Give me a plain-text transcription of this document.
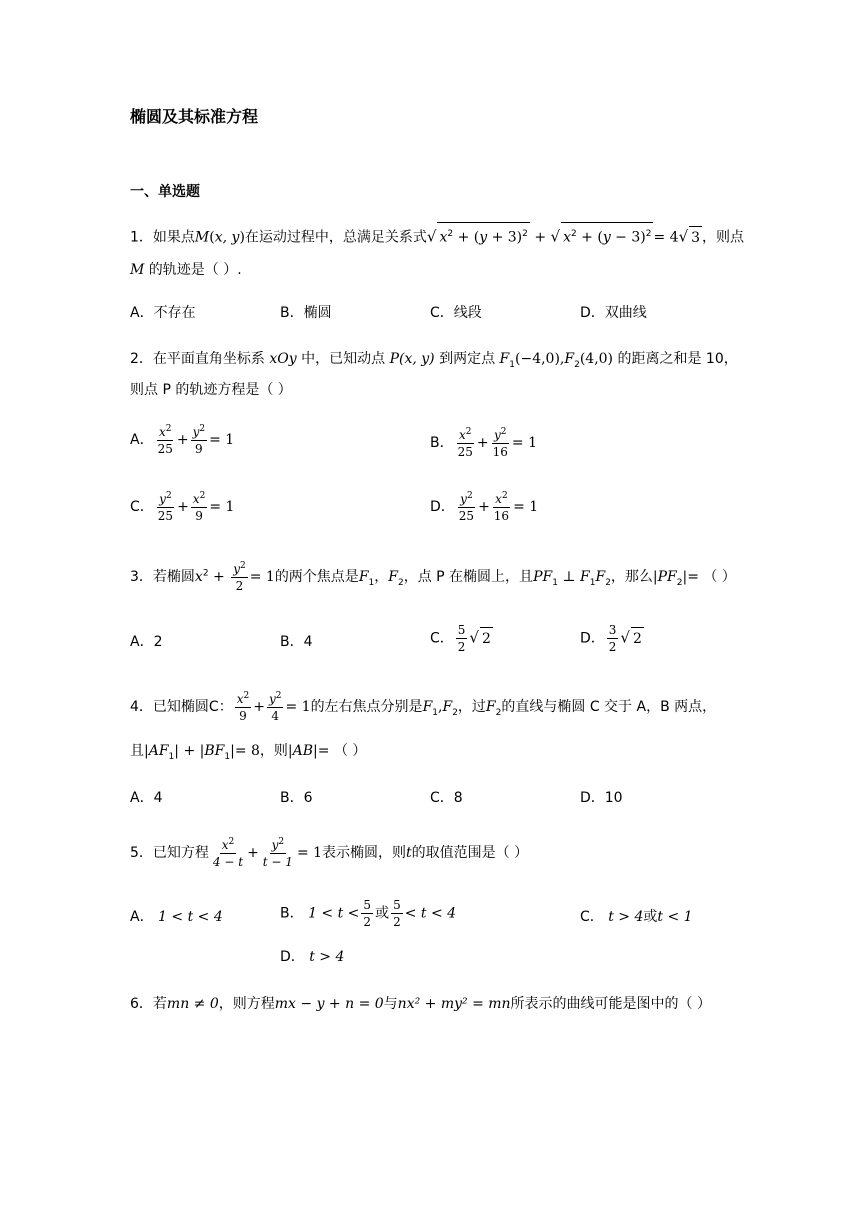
椭圆及其标准方程
一、单选题
1．如果点M(x, y)在运动过程中，总满足关系式√ $x^2 + (y + 3)^2$ + √ $x^2 + (y - 3)^2 = 4√$ 3 ，则点
M 的轨迹是（ ）.
A．不存在	B．椭圆	C．线段	D．双曲线
2．在平面直角坐标系 xOy 中，已知动点 P(x, y) 到两定点 $F_1(-4,0),F_2(4,0)$ 的距离之和是 10，
则点 P 的轨迹方程是（ ）
A． $\frac{x^2}{25} + \frac{y^2}{9} = 1$	B． $\frac{x^2}{25} + \frac{y^2}{16} = 1$
C． $\frac{y^2}{25} + \frac{x^2}{9} = 1$	D． $\frac{y^2}{25} + \frac{x^2}{16} = 1$
3．若椭圆$x^2 + \frac{y^2}{2} = 1$的两个焦点是$F_1$，$F_2$，点 P 在椭圆上，且$PF_1$ ⊥ $F_1F_2$，那么$|PF_2|=$ （ ）
A．2	B．4	C． $\frac{5}{2}$ √ 2	D． $\frac{3}{2}$ √ 2
4．已知椭圆C： $\frac{x^2}{9} + \frac{y^2}{4} = 1$的左右焦点分别是$F_1,F_2$，过$F_2$的直线与椭圆 C 交于 A，B 两点，
且$|AF_1| + |BF_1|= 8$，则|AB|= （ ）
A．4	B．6	C．8	D．10
5．已知方程 $\frac{x^2}{4 - t} + \frac{y^2}{t - 1} = 1$表示椭圆，则t的取值范围是（ ）
A． 1 < t < 4	B． $1 < t < \frac{5}{2}$ 或 $\frac{5}{2} < t < 4$	C． t > 4或t < 1
D． t > 4
6．若mn ≠ 0，则方程mx − y + n = 0与nx² + my² = mn所表示的曲线可能是图中的（ ）
